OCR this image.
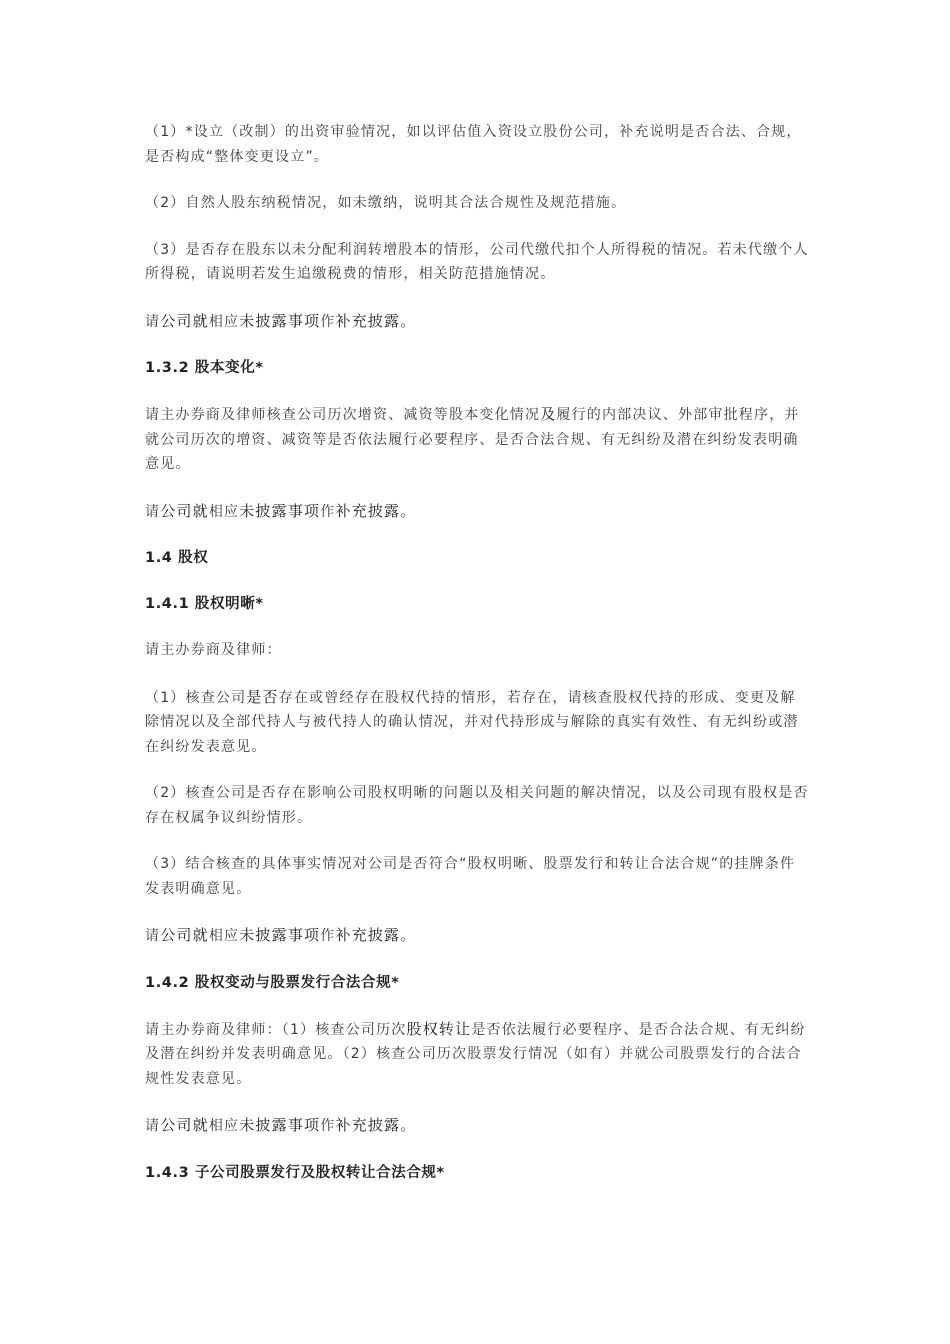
（1）*设立（改制）的出资审验情况，如以评估值入资设立股份公司，补充说明是否合法、合规，是否构成“整体变更设立”。

（2）自然人股东纳税情况，如未缴纳，说明其合法合规性及规范措施。

（3）是否存在股东以未分配利润转增股本的情形，公司代缴代扣个人所得税的情况。若未代缴个人所得税，请说明若发生追缴税费的情形，相关防范措施情况。

请公司就相应未披露事项作补充披露。

1.3.2 股本变化*

请主办券商及律师核查公司历次增资、减资等股本变化情况及履行的内部决议、外部审批程序，并就公司历次的增资、减资等是否依法履行必要程序、是否合法合规、有无纠纷及潜在纠纷发表明确意见。

请公司就相应未披露事项作补充披露。

1.4 股权
1.4.1 股权明晰*

请主办券商及律师：

（1）核查公司是否存在或曾经存在股权代持的情形，若存在，请核查股权代持的形成、变更及解除情况以及全部代持人与被代持人的确认情况，并对代持形成与解除的真实有效性、有无纠纷或潜在纠纷发表意见。

（2）核查公司是否存在影响公司股权明晰的问题以及相关问题的解决情况，以及公司现有股权是否存在权属争议纠纷情形。

（3）结合核查的具体事实情况对公司是否符合“股权明晰、股票发行和转让合法合规”的挂牌条件发表明确意见。

请公司就相应未披露事项作补充披露。

1.4.2 股权变动与股票发行合法合规*

请主办券商及律师：（1）核查公司历次股权转让是否依法履行必要程序、是否合法合规、有无纠纷及潜在纠纷并发表明确意见。（2）核查公司历次股票发行情况（如有）并就公司股票发行的合法合规性发表意见。

请公司就相应未披露事项作补充披露。

1.4.3 子公司股票发行及股权转让合法合规*
